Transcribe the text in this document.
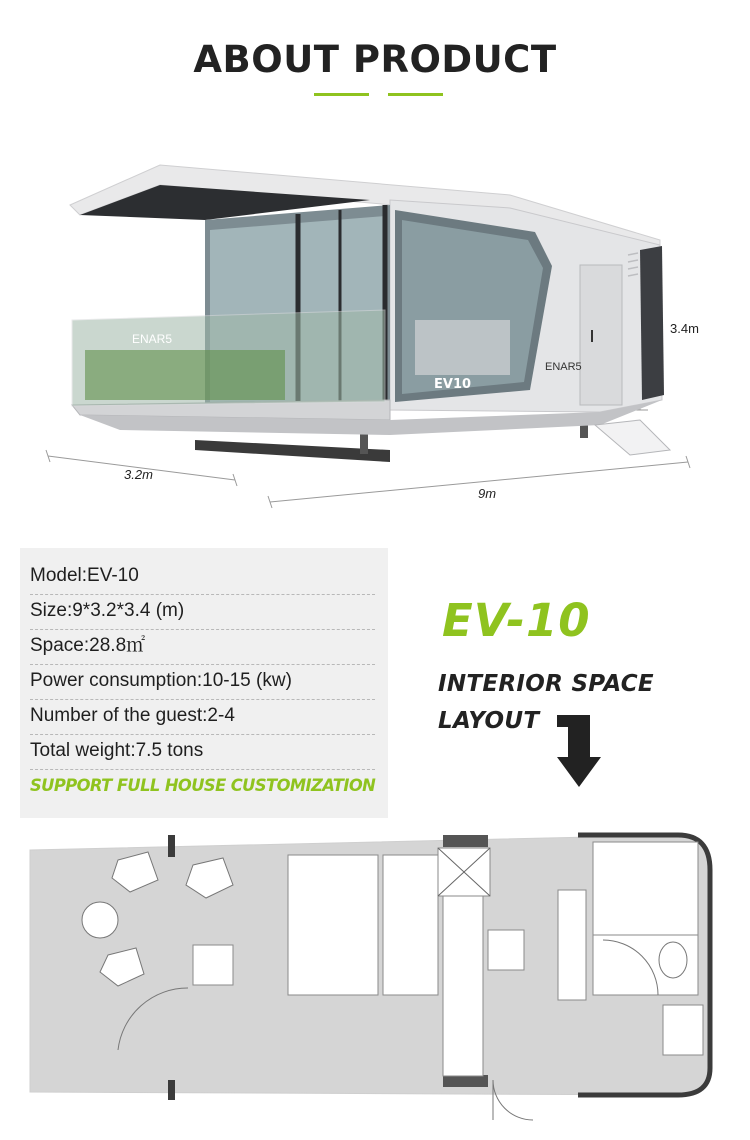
ABOUT PRODUCT
3.4m
3.2m
9m
ENAR5
ENAR5
EV10
Model:EV-10
Size:9*3.2*3.4 (m)
Space:28.8㎡
Power consumption:10-15 (kw)
Number of the guest:2-4
Total weight:7.5 tons
SUPPORT FULL HOUSE CUSTOMIZATION
EV-10
INTERIOR SPACE
LAYOUT
